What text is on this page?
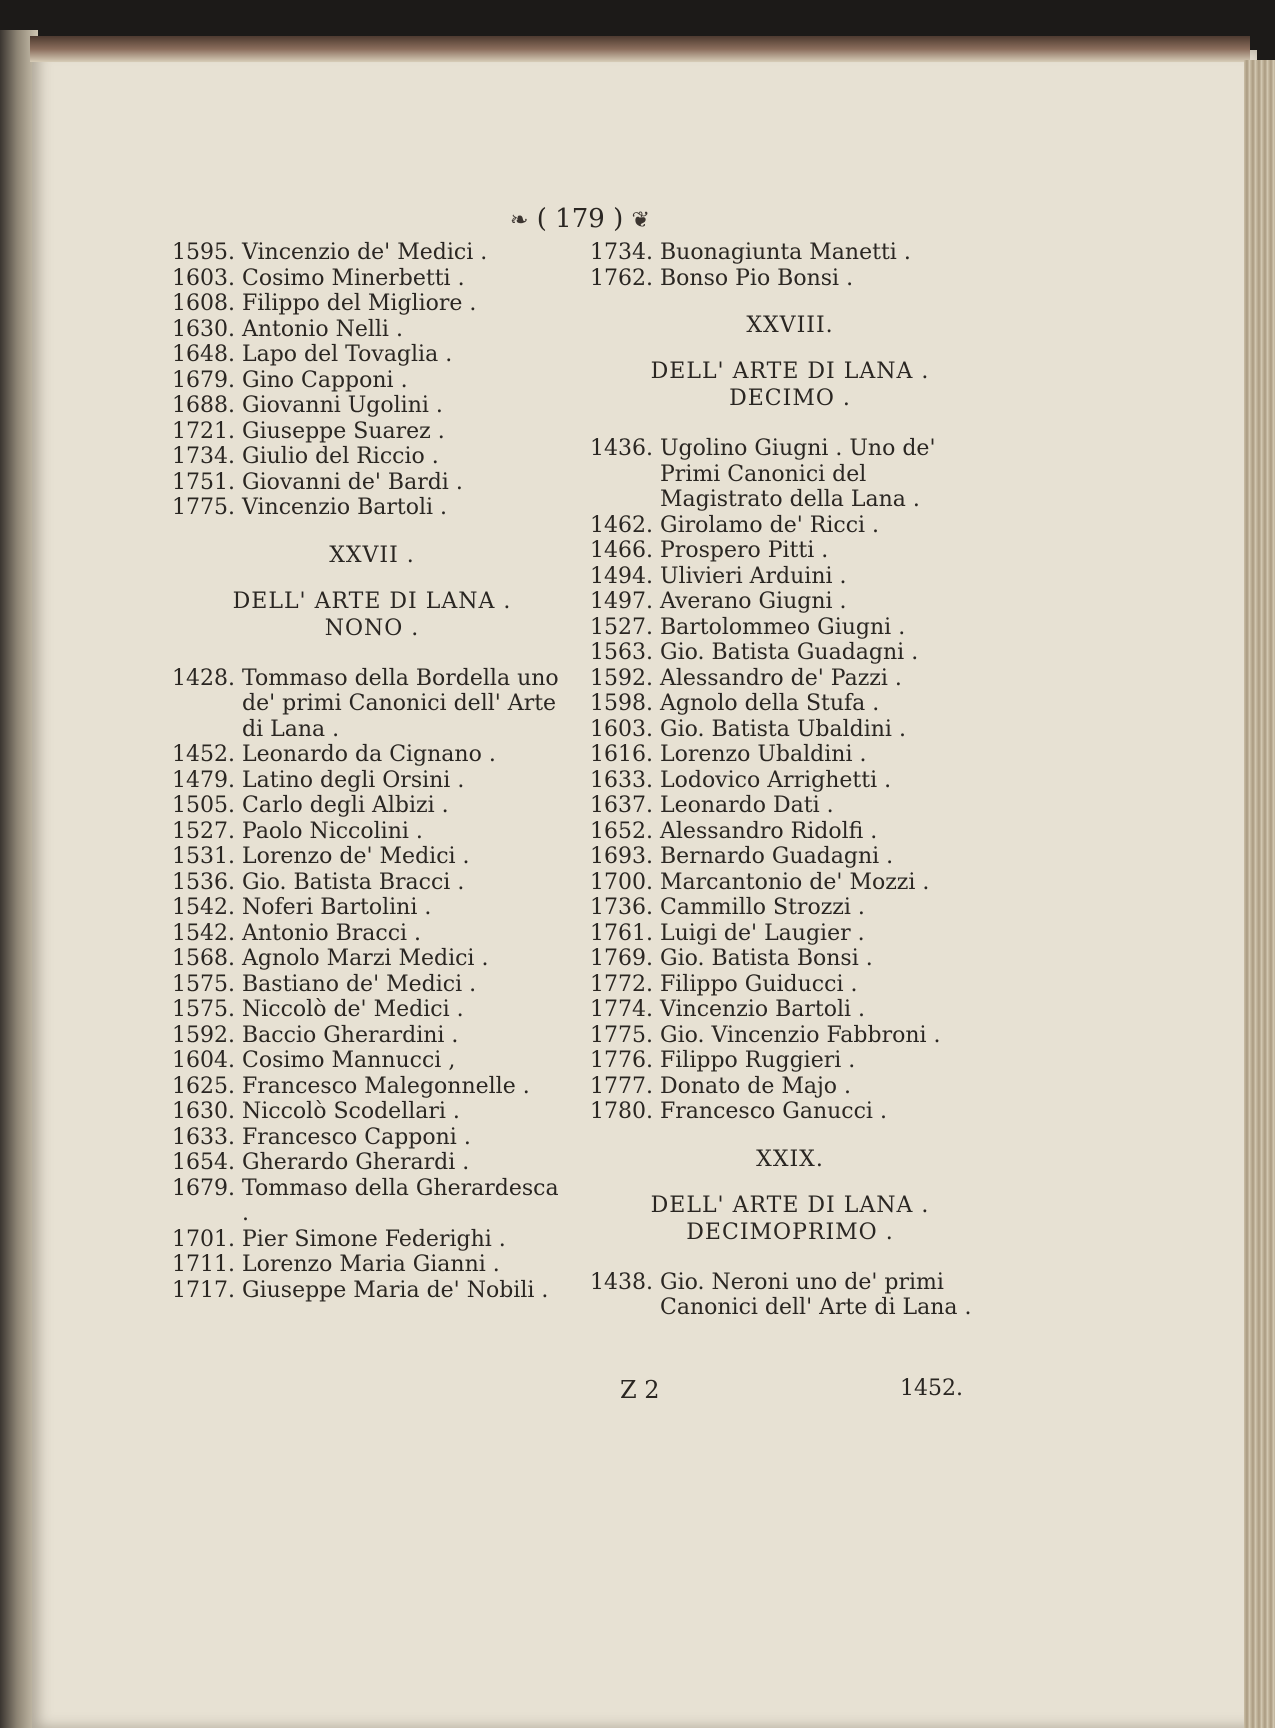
❧ ( 179 ) ❦
1595. Vincenzio de' Medici .
1603. Cosimo Minerbetti .
1608. Filippo del Migliore .
1630. Antonio Nelli .
1648. Lapo del Tovaglia .
1679. Gino Capponi .
1688. Giovanni Ugolini .
1721. Giuseppe Suarez .
1734. Giulio del Riccio .
1751. Giovanni de' Bardi .
1775. Vincenzio Bartoli .
XXVII .
DELL' ARTE DI LANA .
NONO .
1428. Tommaso della Bordella uno de' primi Canonici dell' Arte di Lana .
1452. Leonardo da Cignano .
1479. Latino degli Orsini .
1505. Carlo degli Albizi .
1527. Paolo Niccolini .
1531. Lorenzo de' Medici .
1536. Gio. Batista Bracci .
1542. Noferi Bartolini .
1542. Antonio Bracci .
1568. Agnolo Marzi Medici .
1575. Bastiano de' Medici .
1575. Niccolò de' Medici .
1592. Baccio Gherardini .
1604. Cosimo Mannucci ,
1625. Francesco Malegonnelle .
1630. Niccolò Scodellari .
1633. Francesco Capponi .
1654. Gherardo Gherardi .
1679. Tommaso della Gherardesca .
1701. Pier Simone Federighi .
1711. Lorenzo Maria Gianni .
1717. Giuseppe Maria de' Nobili .
1734. Buonagiunta Manetti .
1762. Bonso Pio Bonsi .
XXVIII.
DELL' ARTE DI LANA .
DECIMO .
1436. Ugolino Giugni . Uno de' Primi Canonici del Magistrato della Lana .
1462. Girolamo de' Ricci .
1466. Prospero Pitti .
1494. Ulivieri Arduini .
1497. Averano Giugni .
1527. Bartolommeo Giugni .
1563. Gio. Batista Guadagni .
1592. Alessandro de' Pazzi .
1598. Agnolo della Stufa .
1603. Gio. Batista Ubaldini .
1616. Lorenzo Ubaldini .
1633. Lodovico Arrighetti .
1637. Leonardo Dati .
1652. Alessandro Ridolfi .
1693. Bernardo Guadagni .
1700. Marcantonio de' Mozzi .
1736. Cammillo Strozzi .
1761. Luigi de' Laugier .
1769. Gio. Batista Bonsi .
1772. Filippo Guiducci .
1774. Vincenzio Bartoli .
1775. Gio. Vincenzio Fabbroni .
1776. Filippo Ruggieri .
1777. Donato de Majo .
1780. Francesco Ganucci .
XXIX.
DELL' ARTE DI LANA .
DECIMOPRIMO .
1438. Gio. Neroni uno de' primi Canonici dell' Arte di Lana .
Z 2	1452.
